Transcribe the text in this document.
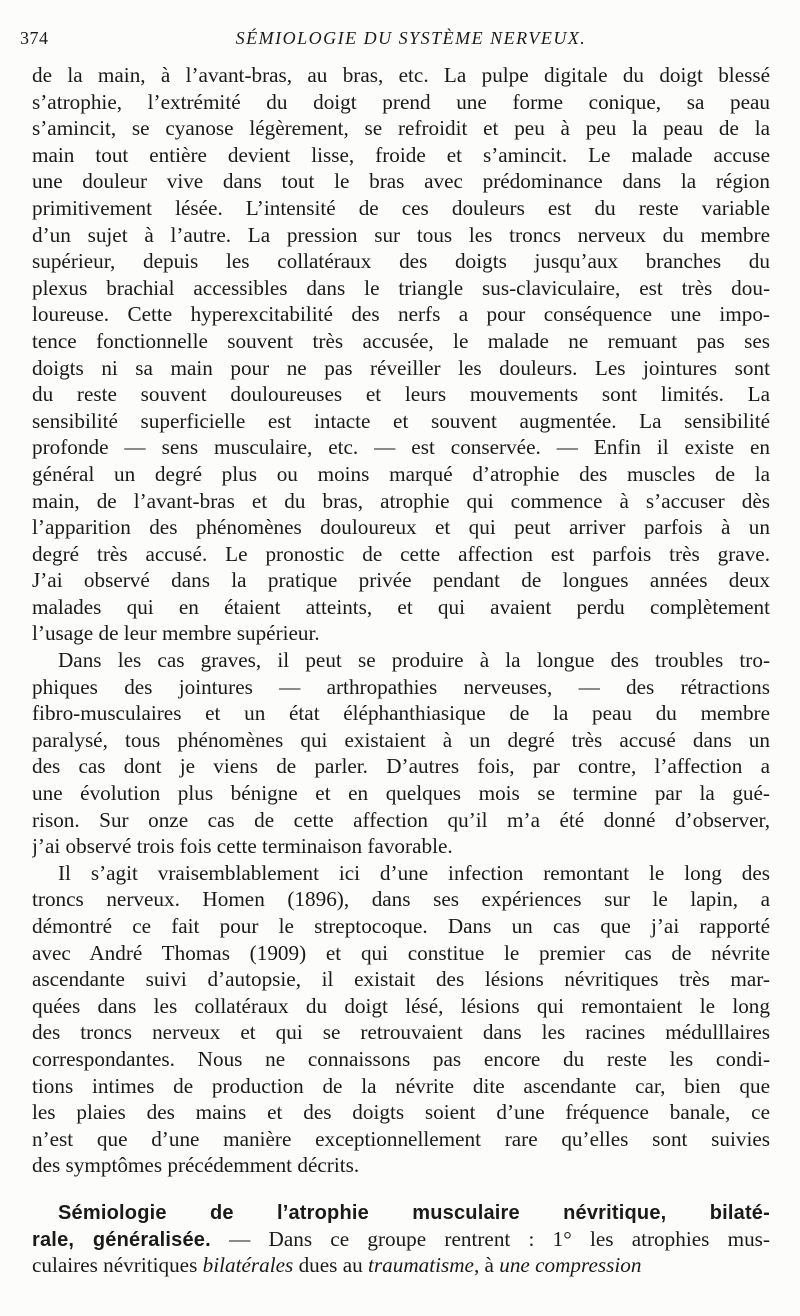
374	SÉMIOLOGIE DU SYSTÈME NERVEUX.
de la main, à l’avant-bras, au bras, etc. La pulpe digitale du doigt blessé
s’atrophie, l’extrémité du doigt prend une forme conique, sa peau
s’amincit, se cyanose légèrement, se refroidit et peu à peu la peau de la
main tout entière devient lisse, froide et s’amincit. Le malade accuse
une douleur vive dans tout le bras avec prédominance dans la région
primitivement lésée. L’intensité de ces douleurs est du reste variable
d’un sujet à l’autre. La pression sur tous les troncs nerveux du membre
supérieur, depuis les collatéraux des doigts jusqu’aux branches du
plexus brachial accessibles dans le triangle sus-claviculaire, est très dou-
loureuse. Cette hyperexcitabilité des nerfs a pour conséquence une impo-
tence fonctionnelle souvent très accusée, le malade ne remuant pas ses
doigts ni sa main pour ne pas réveiller les douleurs. Les jointures sont
du reste souvent douloureuses et leurs mouvements sont limités. La
sensibilité superficielle est intacte et souvent augmentée. La sensibilité
profonde — sens musculaire, etc. — est conservée. — Enfin il existe en
général un degré plus ou moins marqué d’atrophie des muscles de la
main, de l’avant-bras et du bras, atrophie qui commence à s’accuser dès
l’apparition des phénomènes douloureux et qui peut arriver parfois à un
degré très accusé. Le pronostic de cette affection est parfois très grave.
J’ai observé dans la pratique privée pendant de longues années deux
malades qui en étaient atteints, et qui avaient perdu complètement
l’usage de leur membre supérieur.
Dans les cas graves, il peut se produire à la longue des troubles tro-
phiques des jointures — arthropathies nerveuses, — des rétractions
fibro-musculaires et un état éléphanthiasique de la peau du membre
paralysé, tous phénomènes qui existaient à un degré très accusé dans un
des cas dont je viens de parler. D’autres fois, par contre, l’affection a
une évolution plus bénigne et en quelques mois se termine par la gué-
rison. Sur onze cas de cette affection qu’il m’a été donné d’observer,
j’ai observé trois fois cette terminaison favorable.
Il s’agit vraisemblablement ici d’une infection remontant le long des
troncs nerveux. Homen (1896), dans ses expériences sur le lapin, a
démontré ce fait pour le streptocoque. Dans un cas que j’ai rapporté
avec André Thomas (1909) et qui constitue le premier cas de névrite
ascendante suivi d’autopsie, il existait des lésions névritiques très mar-
quées dans les collatéraux du doigt lésé, lésions qui remontaient le long
des troncs nerveux et qui se retrouvaient dans les racines médulllaires
correspondantes. Nous ne connaissons pas encore du reste les condi-
tions intimes de production de la névrite dite ascendante car, bien que
les plaies des mains et des doigts soient d’une fréquence banale, ce
n’est que d’une manière exceptionnellement rare qu’elles sont suivies
des symptômes précédemment décrits.
Sémiologie de l’atrophie musculaire névritique, bilaté-
rale, généralisée. — Dans ce groupe rentrent : 1° les atrophies mus-
culaires névritiques bilatérales dues au traumatisme, à une compression
